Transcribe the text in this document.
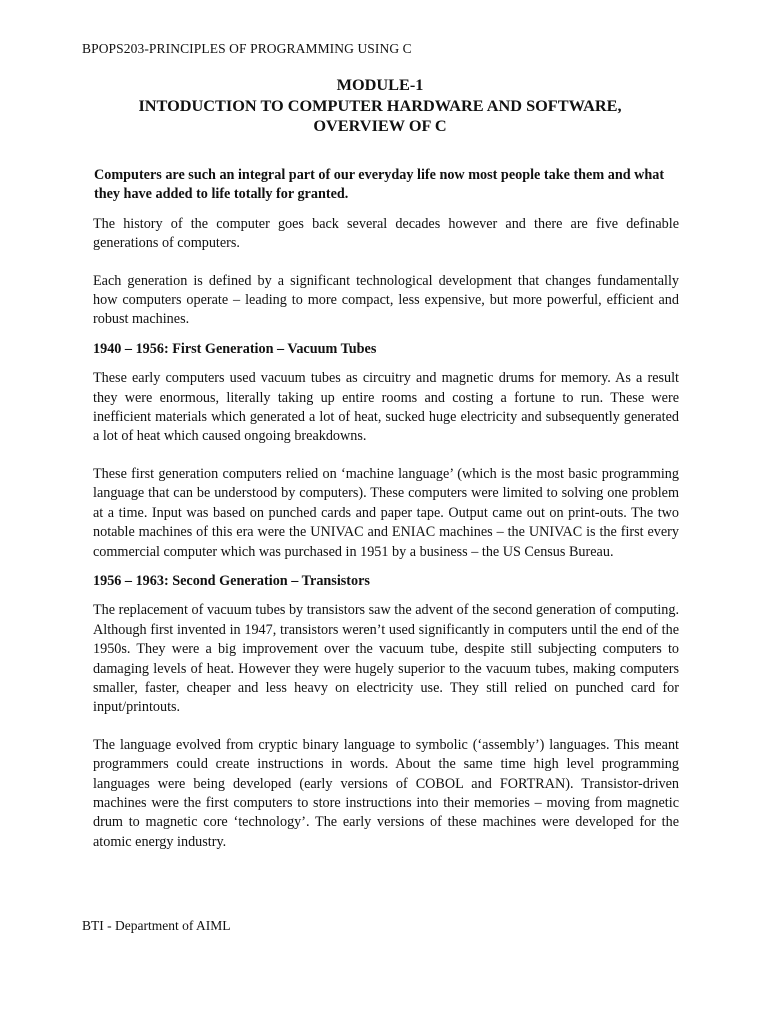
BPOPS203-PRINCIPLES OF PROGRAMMING USING C
MODULE-1
INTODUCTION TO COMPUTER HARDWARE AND SOFTWARE,
OVERVIEW OF C

Computers are such an integral part of our everyday life now most people take them and what they have added to life totally for granted.

The history of the computer goes back several decades however and there are five definable generations of computers.

Each generation is defined by a significant technological development that changes fundamentally how computers operate – leading to more compact, less expensive, but more powerful, efficient and robust machines.

1940 – 1956: First Generation – Vacuum Tubes

These early computers used vacuum tubes as circuitry and magnetic drums for memory. As a result they were enormous, literally taking up entire rooms and costing a fortune to run. These were inefficient materials which generated a lot of heat, sucked huge electricity and subsequently generated a lot of heat which caused ongoing breakdowns.

These first generation computers relied on ‘machine language’ (which is the most basic programming language that can be understood by computers). These computers were limited to solving one problem at a time. Input was based on punched cards and paper tape. Output came out on print-outs. The two notable machines of this era were the UNIVAC and ENIAC machines – the UNIVAC is the first every commercial computer which was purchased in 1951 by a business – the US Census Bureau.

1956 – 1963: Second Generation – Transistors

The replacement of vacuum tubes by transistors saw the advent of the second generation of computing. Although first invented in 1947, transistors weren’t used significantly in computers until the end of the 1950s. They were a big improvement over the vacuum tube, despite still subjecting computers to damaging levels of heat. However they were hugely superior to the vacuum tubes, making computers smaller, faster, cheaper and less heavy on electricity use. They still relied on punched card for input/printouts.

The language evolved from cryptic binary language to symbolic (‘assembly’) languages. This meant programmers could create instructions in words. About the same time high level programming languages were being developed (early versions of COBOL and FORTRAN). Transistor-driven machines were the first computers to store instructions into their memories – moving from magnetic drum to magnetic core ‘technology’. The early versions of these machines were developed for the atomic energy industry.

BTI - Department of AIML
